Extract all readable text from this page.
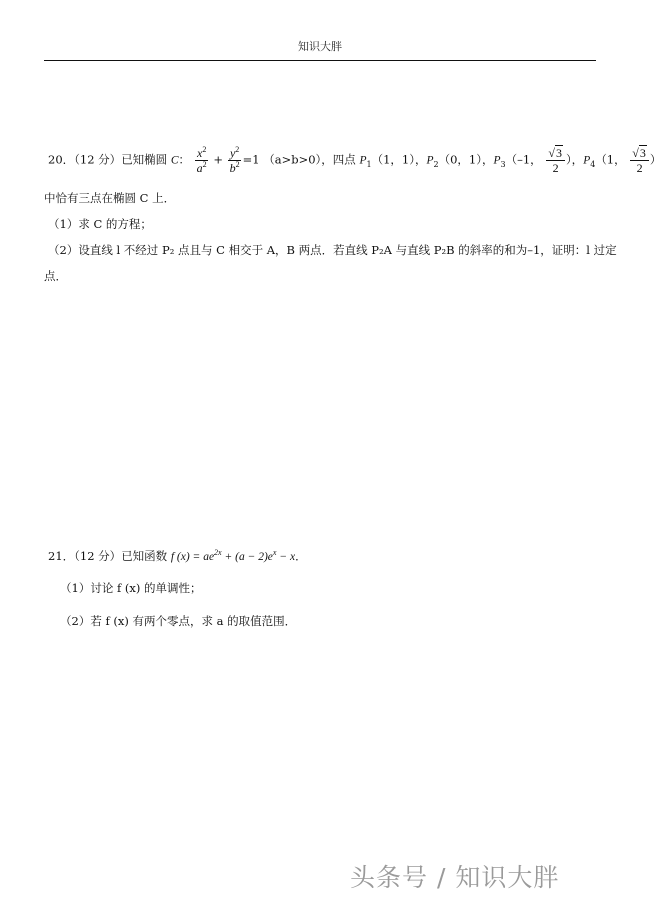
知识大胖
20．（12 分）已知椭圆 C： $\frac{x^2}{a^2} + \frac{y^2}{b^2} =1$ （a>b>0），四点 $P_1(1$，1），$P_2(0$，1），$P_3(-1$， $\frac{√3}{2}$ ），$P_4(1$， $\frac{√3}{2}$ ）
中恰有三点在椭圆 C 上．
（1）求 C 的方程；
（2）设直线 l 不经过 P₂ 点且与 C 相交于 A，B 两点．若直线 P₂A 与直线 P₂B 的斜率的和为–1，证明：l 过定
点．
21．（12 分）已知函数 f $(x) = ae^{2x} + (a - 2)e^x - x$．
（1）讨论 f (x) 的单调性；
（2）若 f (x) 有两个零点，求 a 的取值范围．
头条号 / 知识大胖
